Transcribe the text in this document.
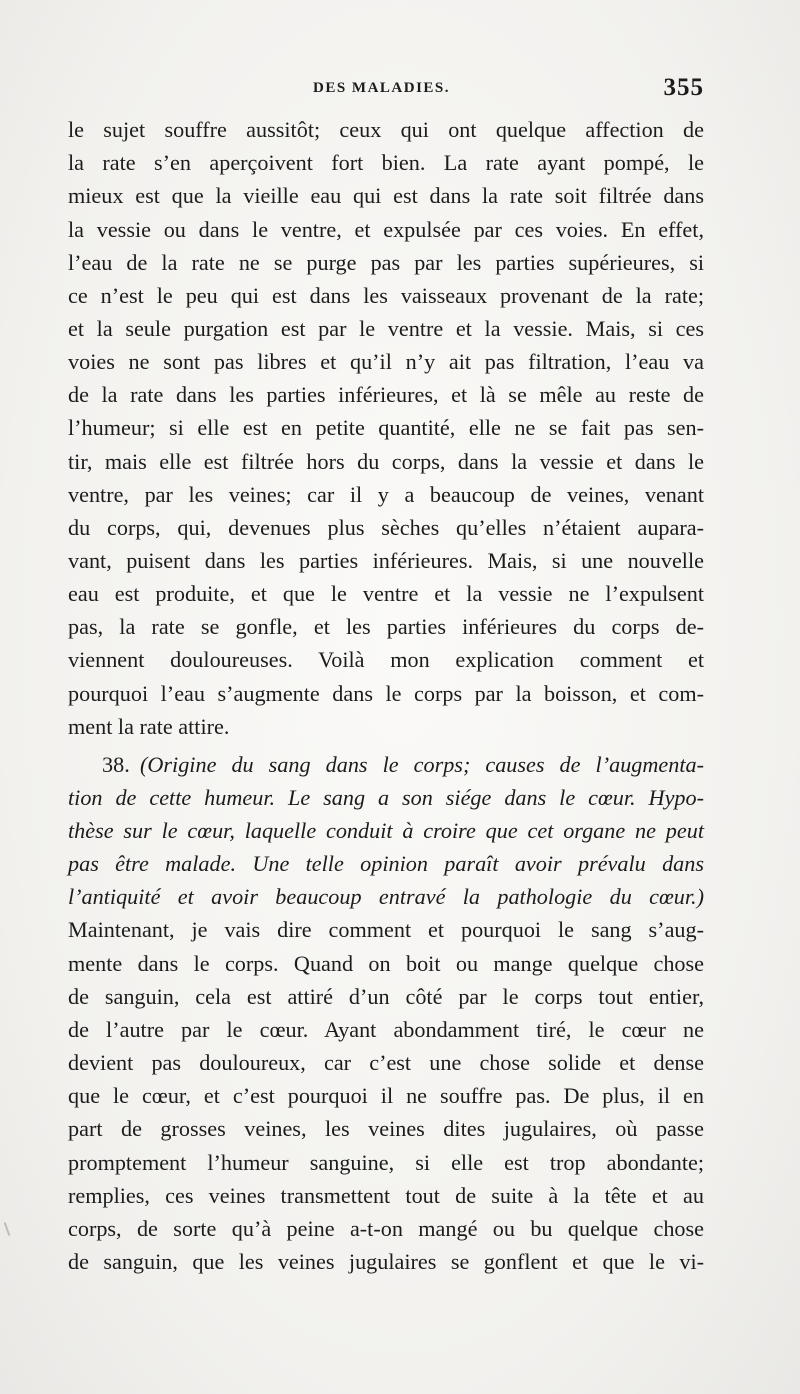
DES MALADIES.	355
le sujet souffre aussitôt; ceux qui ont quelque affection de
la rate s’en aperçoivent fort bien. La rate ayant pompé, le
mieux est que la vieille eau qui est dans la rate soit filtrée dans
la vessie ou dans le ventre, et expulsée par ces voies. En effet,
l’eau de la rate ne se purge pas par les parties supérieures, si
ce n’est le peu qui est dans les vaisseaux provenant de la rate;
et la seule purgation est par le ventre et la vessie. Mais, si ces
voies ne sont pas libres et qu’il n’y ait pas filtration, l’eau va
de la rate dans les parties inférieures, et là se mêle au reste de
l’humeur; si elle est en petite quantité, elle ne se fait pas sen-
tir, mais elle est filtrée hors du corps, dans la vessie et dans le
ventre, par les veines; car il y a beaucoup de veines, venant
du corps, qui, devenues plus sèches qu’elles n’étaient aupara-
vant, puisent dans les parties inférieures. Mais, si une nouvelle
eau est produite, et que le ventre et la vessie ne l’expulsent
pas, la rate se gonfle, et les parties inférieures du corps de-
viennent douloureuses. Voilà mon explication comment et
pourquoi l’eau s’augmente dans le corps par la boisson, et com-
ment la rate attire.
38. (Origine du sang dans le corps; causes de l’augmenta-
tion de cette humeur. Le sang a son siége dans le cœur. Hypo-
thèse sur le cœur, laquelle conduit à croire que cet organe ne peut
pas être malade. Une telle opinion paraît avoir prévalu dans
l’antiquité et avoir beaucoup entravé la pathologie du cœur.)
Maintenant, je vais dire comment et pourquoi le sang s’aug-
mente dans le corps. Quand on boit ou mange quelque chose
de sanguin, cela est attiré d’un côté par le corps tout entier,
de l’autre par le cœur. Ayant abondamment tiré, le cœur ne
devient pas douloureux, car c’est une chose solide et dense
que le cœur, et c’est pourquoi il ne souffre pas. De plus, il en
part de grosses veines, les veines dites jugulaires, où passe
promptement l’humeur sanguine, si elle est trop abondante;
remplies, ces veines transmettent tout de suite à la tête et au
corps, de sorte qu’à peine a-t-on mangé ou bu quelque chose
de sanguin, que les veines jugulaires se gonflent et que le vi-
